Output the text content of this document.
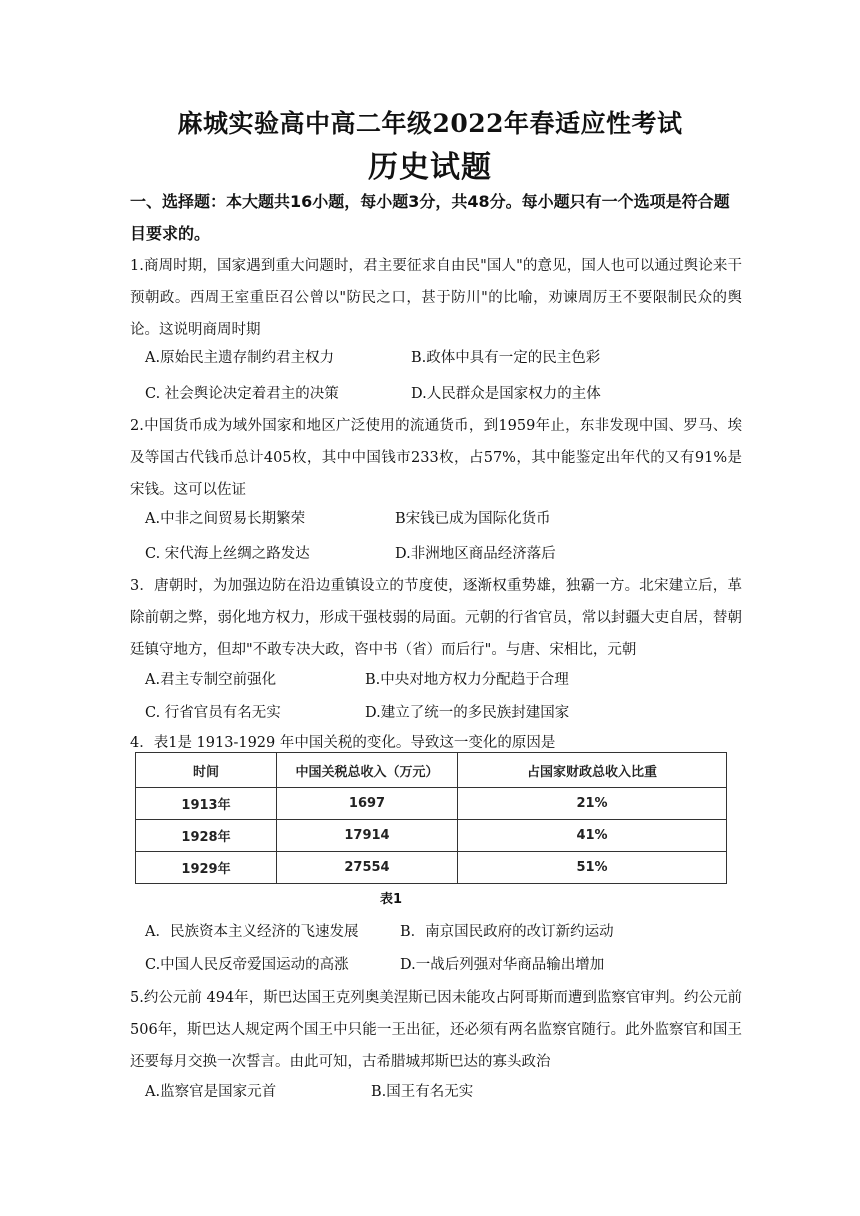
麻城实验高中高二年级2022年春适应性考试
历史试题
一、选择题：本大题共16小题，每小题3分，共48分。每小题只有一个选项是符合题目要求的。
1.商周时期，国家遇到重大问题时，君主要征求自由民"国人"的意见，国人也可以通过舆论来干预朝政。西周王室重臣召公曾以"防民之口，甚于防川"的比喻，劝谏周厉王不要限制民众的舆论。这说明商周时期
A.原始民主遗存制约君主权力	B.政体中具有一定的民主色彩
C. 社会舆论决定着君主的决策	D.人民群众是国家权力的主体
2.中国货币成为域外国家和地区广泛使用的流通货币，到1959年止，东非发现中国、罗马、埃及等国古代钱币总计405枚，其中中国钱市233枚，占57%，其中能鉴定出年代的又有91%是宋钱。这可以佐证
A.中非之间贸易长期繁荣	B宋钱已成为国际化货币
C. 宋代海上丝绸之路发达	D.非洲地区商品经济落后
3．唐朝时，为加强边防在沿边重镇设立的节度使，逐渐权重势雄，独霸一方。北宋建立后，革除前朝之弊，弱化地方权力，形成干强枝弱的局面。元朝的行省官员，常以封疆大吏自居，替朝廷镇守地方，但却"不敢专决大政，咨中书（省）而后行"。与唐、宋相比，元朝
A.君主专制空前强化	B.中央对地方权力分配趋于合理
C. 行省官员有名无实	D.建立了统一的多民族封建国家
4．表1是 1913-1929 年中国关税的变化。导致这一变化的原因是
时间	中国关税总收入（万元）	占国家财政总收入比重
1913年	1697	21%
1928年	17914	41%
1929年	27554	51%
表1
A．民族资本主义经济的飞速发展	B．南京国民政府的改订新约运动
C.中国人民反帝爱国运动的高涨	D.一战后列强对华商品输出增加
5.约公元前 494年，斯巴达国王克列奥美涅斯已因未能攻占阿哥斯而遭到监察官审判。约公元前 506年，斯巴达人规定两个国王中只能一王出征，还必须有两名监察官随行。此外监察官和国王还要每月交换一次誓言。由此可知，古希腊城邦斯巴达的寡头政治
A.监察官是国家元首	B.国王有名无实
